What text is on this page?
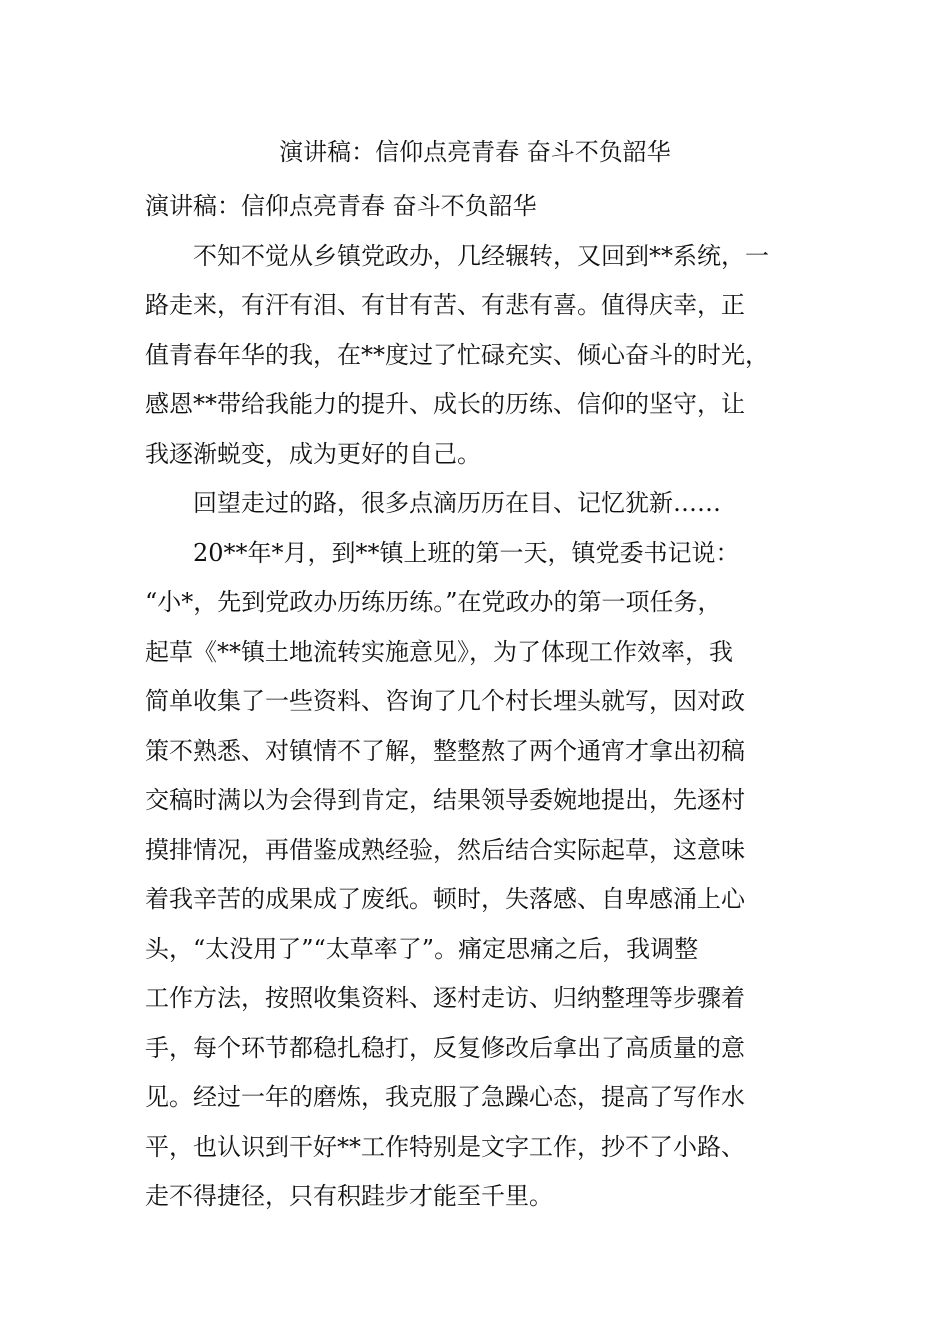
演讲稿：信仰点亮青春 奋斗不负韶华

演讲稿：信仰点亮青春 奋斗不负韶华

不知不觉从乡镇党政办，几经辗转，又回到**系统，一
路走来，有汗有泪、有甘有苦、有悲有喜。值得庆幸，正
值青春年华的我，在**度过了忙碌充实、倾心奋斗的时光，
感恩**带给我能力的提升、成长的历练、信仰的坚守，让
我逐渐蜕变，成为更好的自己。

回望走过的路，很多点滴历历在目、记忆犹新……

20**年*月，到**镇上班的第一天，镇党委书记说：
“小*，先到党政办历练历练。”在党政办的第一项任务，
起草《**镇土地流转实施意见》，为了体现工作效率，我
简单收集了一些资料、咨询了几个村长埋头就写，因对政
策不熟悉、对镇情不了解，整整熬了两个通宵才拿出初稿
交稿时满以为会得到肯定，结果领导委婉地提出，先逐村
摸排情况，再借鉴成熟经验，然后结合实际起草，这意味
着我辛苦的成果成了废纸。顿时，失落感、自卑感涌上心
头，“太没用了”“太草率了”。痛定思痛之后，我调整
工作方法，按照收集资料、逐村走访、归纳整理等步骤着
手，每个环节都稳扎稳打，反复修改后拿出了高质量的意
见。经过一年的磨炼，我克服了急躁心态，提高了写作水
平，也认识到干好**工作特别是文字工作，抄不了小路、
走不得捷径，只有积跬步才能至千里。
